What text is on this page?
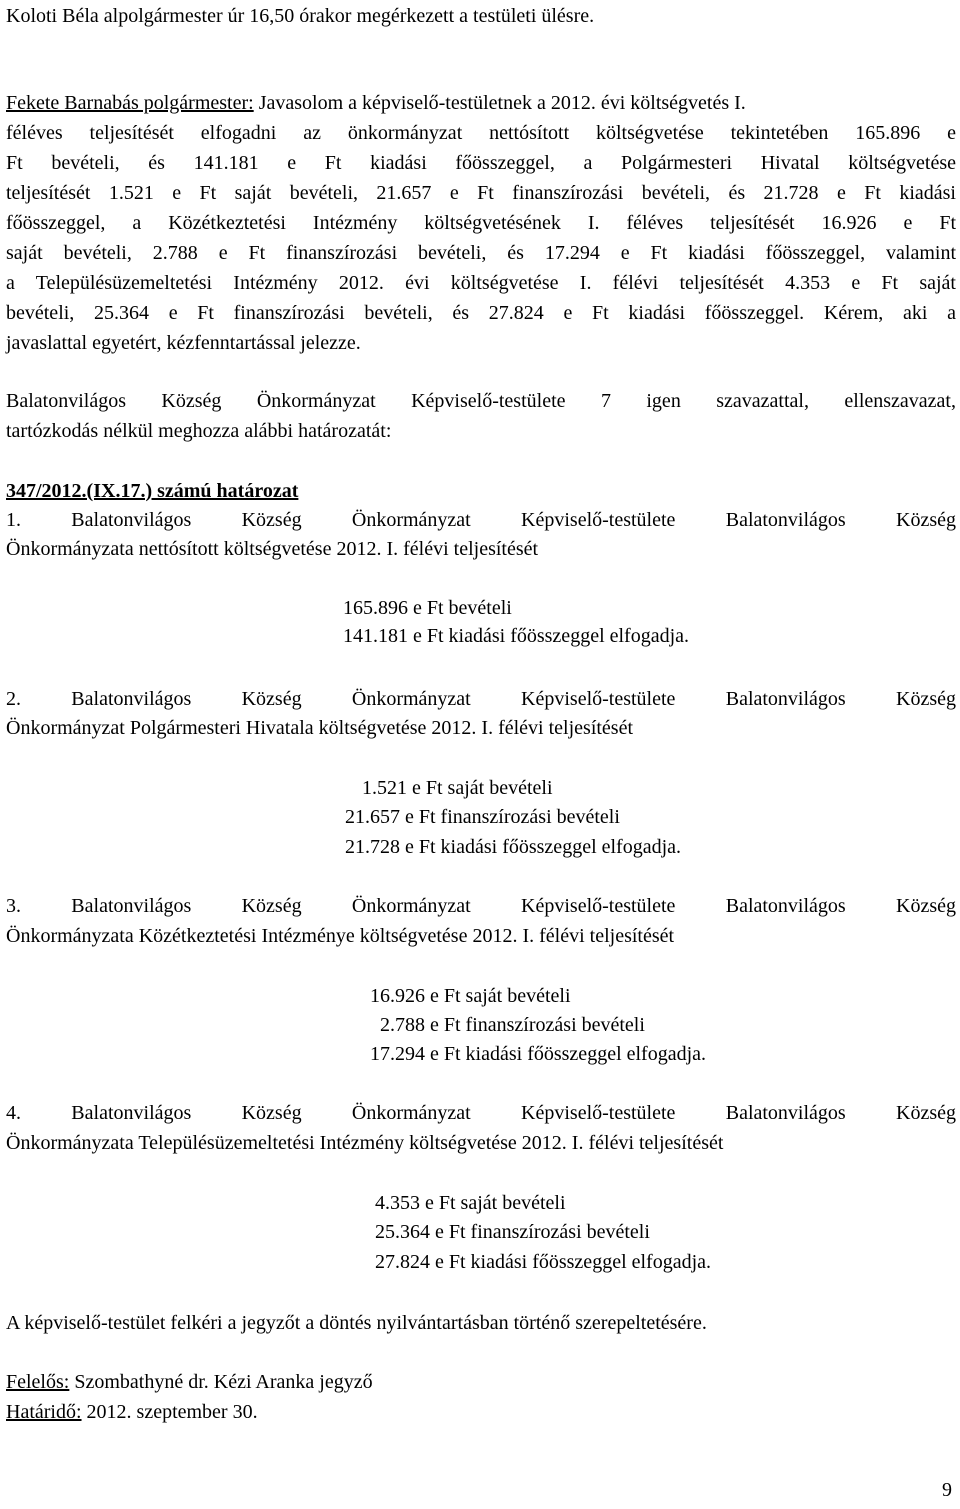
Koloti Béla alpolgármester úr 16,50 órakor megérkezett a testületi ülésre.
Fekete Barnabás polgármester: Javasolom a képviselő-testületnek a 2012. évi költségvetés I.
féléves teljesítését elfogadni az önkormányzat nettósított költségvetése tekintetében 165.896 e
Ft bevételi, és 141.181 e Ft kiadási főösszeggel, a Polgármesteri Hivatal költségvetése
teljesítését 1.521 e Ft saját bevételi, 21.657 e Ft finanszírozási bevételi, és 21.728 e Ft kiadási
főösszeggel, a Közétkeztetési Intézmény költségvetésének I. féléves teljesítését 16.926 e Ft
saját bevételi, 2.788 e Ft finanszírozási bevételi, és 17.294 e Ft kiadási főösszeggel, valamint
a Településüzemeltetési Intézmény 2012. évi költségvetése I. félévi teljesítését 4.353 e Ft saját
bevételi, 25.364 e Ft finanszírozási bevételi, és 27.824 e Ft kiadási főösszeggel. Kérem, aki a
javaslattal egyetért, kézfenntartással jelezze.
Balatonvilágos Község Önkormányzat Képviselő-testülete 7 igen szavazattal, ellenszavazat,
tartózkodás nélkül meghozza alábbi határozatát:
347/2012.(IX.17.) számú határozat
1. Balatonvilágos Község Önkormányzat Képviselő-testülete Balatonvilágos Község
Önkormányzata nettósított költségvetése 2012. I. félévi teljesítését
165.896 e Ft bevételi
141.181 e Ft kiadási főösszeggel elfogadja.
2. Balatonvilágos Község Önkormányzat Képviselő-testülete Balatonvilágos Község
Önkormányzat Polgármesteri Hivatala költségvetése 2012. I. félévi teljesítését
1.521 e Ft saját bevételi
21.657 e Ft finanszírozási bevételi
21.728 e Ft kiadási főösszeggel elfogadja.
3. Balatonvilágos Község Önkormányzat Képviselő-testülete Balatonvilágos Község
Önkormányzata Közétkeztetési Intézménye költségvetése 2012. I. félévi teljesítését
16.926 e Ft saját bevételi
2.788 e Ft finanszírozási bevételi
17.294 e Ft kiadási főösszeggel elfogadja.
4. Balatonvilágos Község Önkormányzat Képviselő-testülete Balatonvilágos Község
Önkormányzata Településüzemeltetési Intézmény költségvetése 2012. I. félévi teljesítését
4.353 e Ft saját bevételi
25.364 e Ft finanszírozási bevételi
27.824 e Ft kiadási főösszeggel elfogadja.
A képviselő-testület felkéri a jegyzőt a döntés nyilvántartásban történő szerepeltetésére.
Felelős: Szombathyné dr. Kézi Aranka jegyző
Határidő: 2012. szeptember 30.
9
